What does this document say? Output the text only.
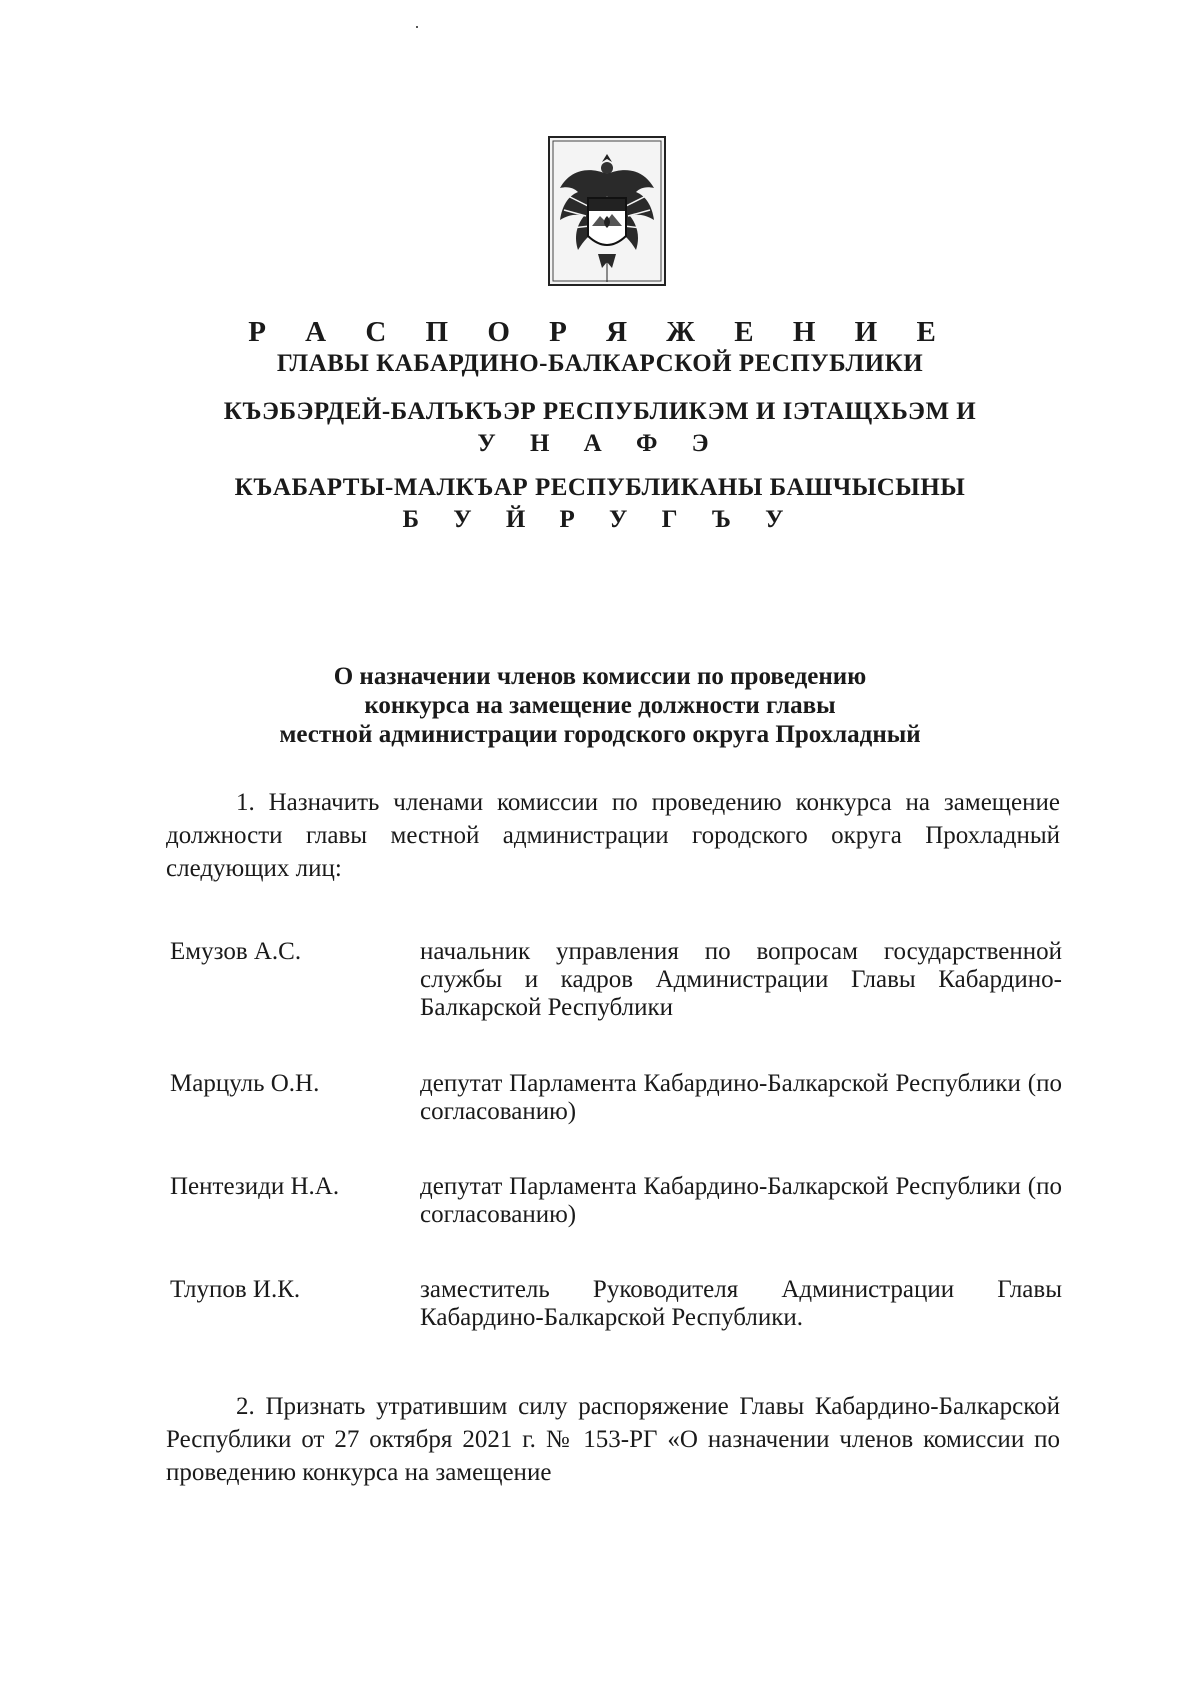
Р А С П О Р Я Ж Е Н И Е
ГЛАВЫ КАБАРДИНО-БАЛКАРСКОЙ РЕСПУБЛИКИ
КЪЭБЭРДЕЙ-БАЛЪКЪЭР РЕСПУБЛИКЭМ И IЭТАЩХЬЭМ И
У Н А Ф Э
КЪАБАРТЫ-МАЛКЪАР РЕСПУБЛИКАНЫ БАШЧЫСЫНЫ
Б У Й Р У Г Ъ У
О назначении членов комиссии по проведению
конкурса на замещение должности главы
местной администрации городского округа Прохладный
1. Назначить членами комиссии по проведению конкурса на замещение должности главы местной администрации городского округа Прохладный следующих лиц:
Емузов А.С.	начальник управления по вопросам государственной службы и кадров Администрации Главы Кабардино-Балкарской Республики
Марцуль О.Н.	депутат Парламента Кабардино-Балкарской Республики (по согласованию)
Пентезиди Н.А.	депутат Парламента Кабардино-Балкарской Республики (по согласованию)
Тлупов И.К.	заместитель Руководителя Администрации Главы Кабардино-Балкарской Республики.
2. Признать утратившим силу распоряжение Главы Кабардино-Балкарской Республики от 27 октября 2021 г. № 153-РГ «О назначении членов комиссии по проведению конкурса на замещение
